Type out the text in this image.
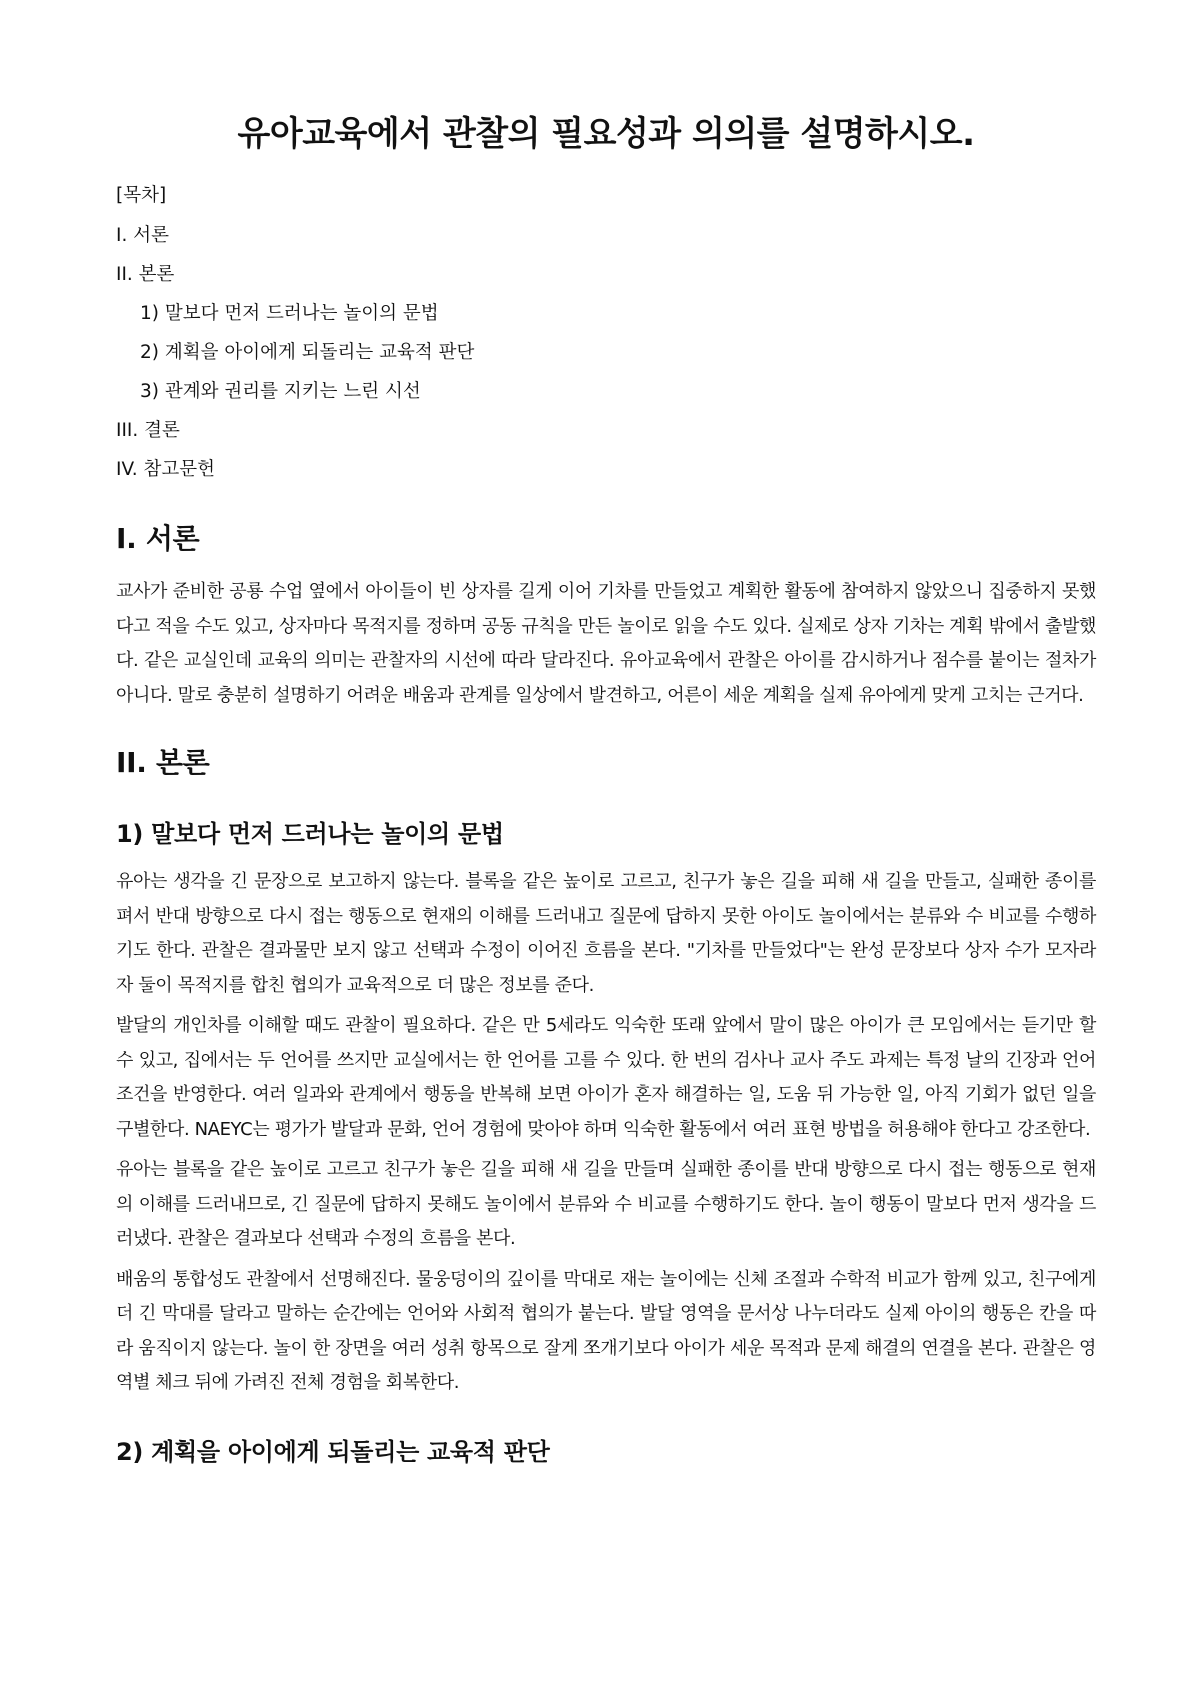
유아교육에서 관찰의 필요성과 의의를 설명하시오.
[목차]
I. 서론
II. 본론
1) 말보다 먼저 드러나는 놀이의 문법
2) 계획을 아이에게 되돌리는 교육적 판단
3) 관계와 권리를 지키는 느린 시선
III. 결론
IV. 참고문헌
I. 서론

교사가 준비한 공룡 수업 옆에서 아이들이 빈 상자를 길게 이어 기차를 만들었고 계획한 활동에 참여하지 않았으니 집중하지 못했다고 적을 수도 있고, 상자마다 목적지를 정하며 공동 규칙을 만든 놀이로 읽을 수도 있다. 실제로 상자 기차는 계획 밖에서 출발했다. 같은 교실인데 교육의 의미는 관찰자의 시선에 따라 달라진다. 유아교육에서 관찰은 아이를 감시하거나 점수를 붙이는 절차가 아니다. 말로 충분히 설명하기 어려운 배움과 관계를 일상에서 발견하고, 어른이 세운 계획을 실제 유아에게 맞게 고치는 근거다.

II. 본론
1) 말보다 먼저 드러나는 놀이의 문법

유아는 생각을 긴 문장으로 보고하지 않는다. 블록을 같은 높이로 고르고, 친구가 놓은 길을 피해 새 길을 만들고, 실패한 종이를 펴서 반대 방향으로 다시 접는 행동으로 현재의 이해를 드러내고 질문에 답하지 못한 아이도 놀이에서는 분류와 수 비교를 수행하기도 한다. 관찰은 결과물만 보지 않고 선택과 수정이 이어진 흐름을 본다. "기차를 만들었다"는 완성 문장보다 상자 수가 모자라자 둘이 목적지를 합친 협의가 교육적으로 더 많은 정보를 준다.

발달의 개인차를 이해할 때도 관찰이 필요하다. 같은 만 5세라도 익숙한 또래 앞에서 말이 많은 아이가 큰 모임에서는 듣기만 할 수 있고, 집에서는 두 언어를 쓰지만 교실에서는 한 언어를 고를 수 있다. 한 번의 검사나 교사 주도 과제는 특정 날의 긴장과 언어 조건을 반영한다. 여러 일과와 관계에서 행동을 반복해 보면 아이가 혼자 해결하는 일, 도움 뒤 가능한 일, 아직 기회가 없던 일을 구별한다. NAEYC는 평가가 발달과 문화, 언어 경험에 맞아야 하며 익숙한 활동에서 여러 표현 방법을 허용해야 한다고 강조한다.

유아는 블록을 같은 높이로 고르고 친구가 놓은 길을 피해 새 길을 만들며 실패한 종이를 반대 방향으로 다시 접는 행동으로 현재의 이해를 드러내므로, 긴 질문에 답하지 못해도 놀이에서 분류와 수 비교를 수행하기도 한다. 놀이 행동이 말보다 먼저 생각을 드러냈다. 관찰은 결과보다 선택과 수정의 흐름을 본다.

배움의 통합성도 관찰에서 선명해진다. 물웅덩이의 깊이를 막대로 재는 놀이에는 신체 조절과 수학적 비교가 함께 있고, 친구에게 더 긴 막대를 달라고 말하는 순간에는 언어와 사회적 협의가 붙는다. 발달 영역을 문서상 나누더라도 실제 아이의 행동은 칸을 따라 움직이지 않는다. 놀이 한 장면을 여러 성취 항목으로 잘게 쪼개기보다 아이가 세운 목적과 문제 해결의 연결을 본다. 관찰은 영역별 체크 뒤에 가려진 전체 경험을 회복한다.

2) 계획을 아이에게 되돌리는 교육적 판단
